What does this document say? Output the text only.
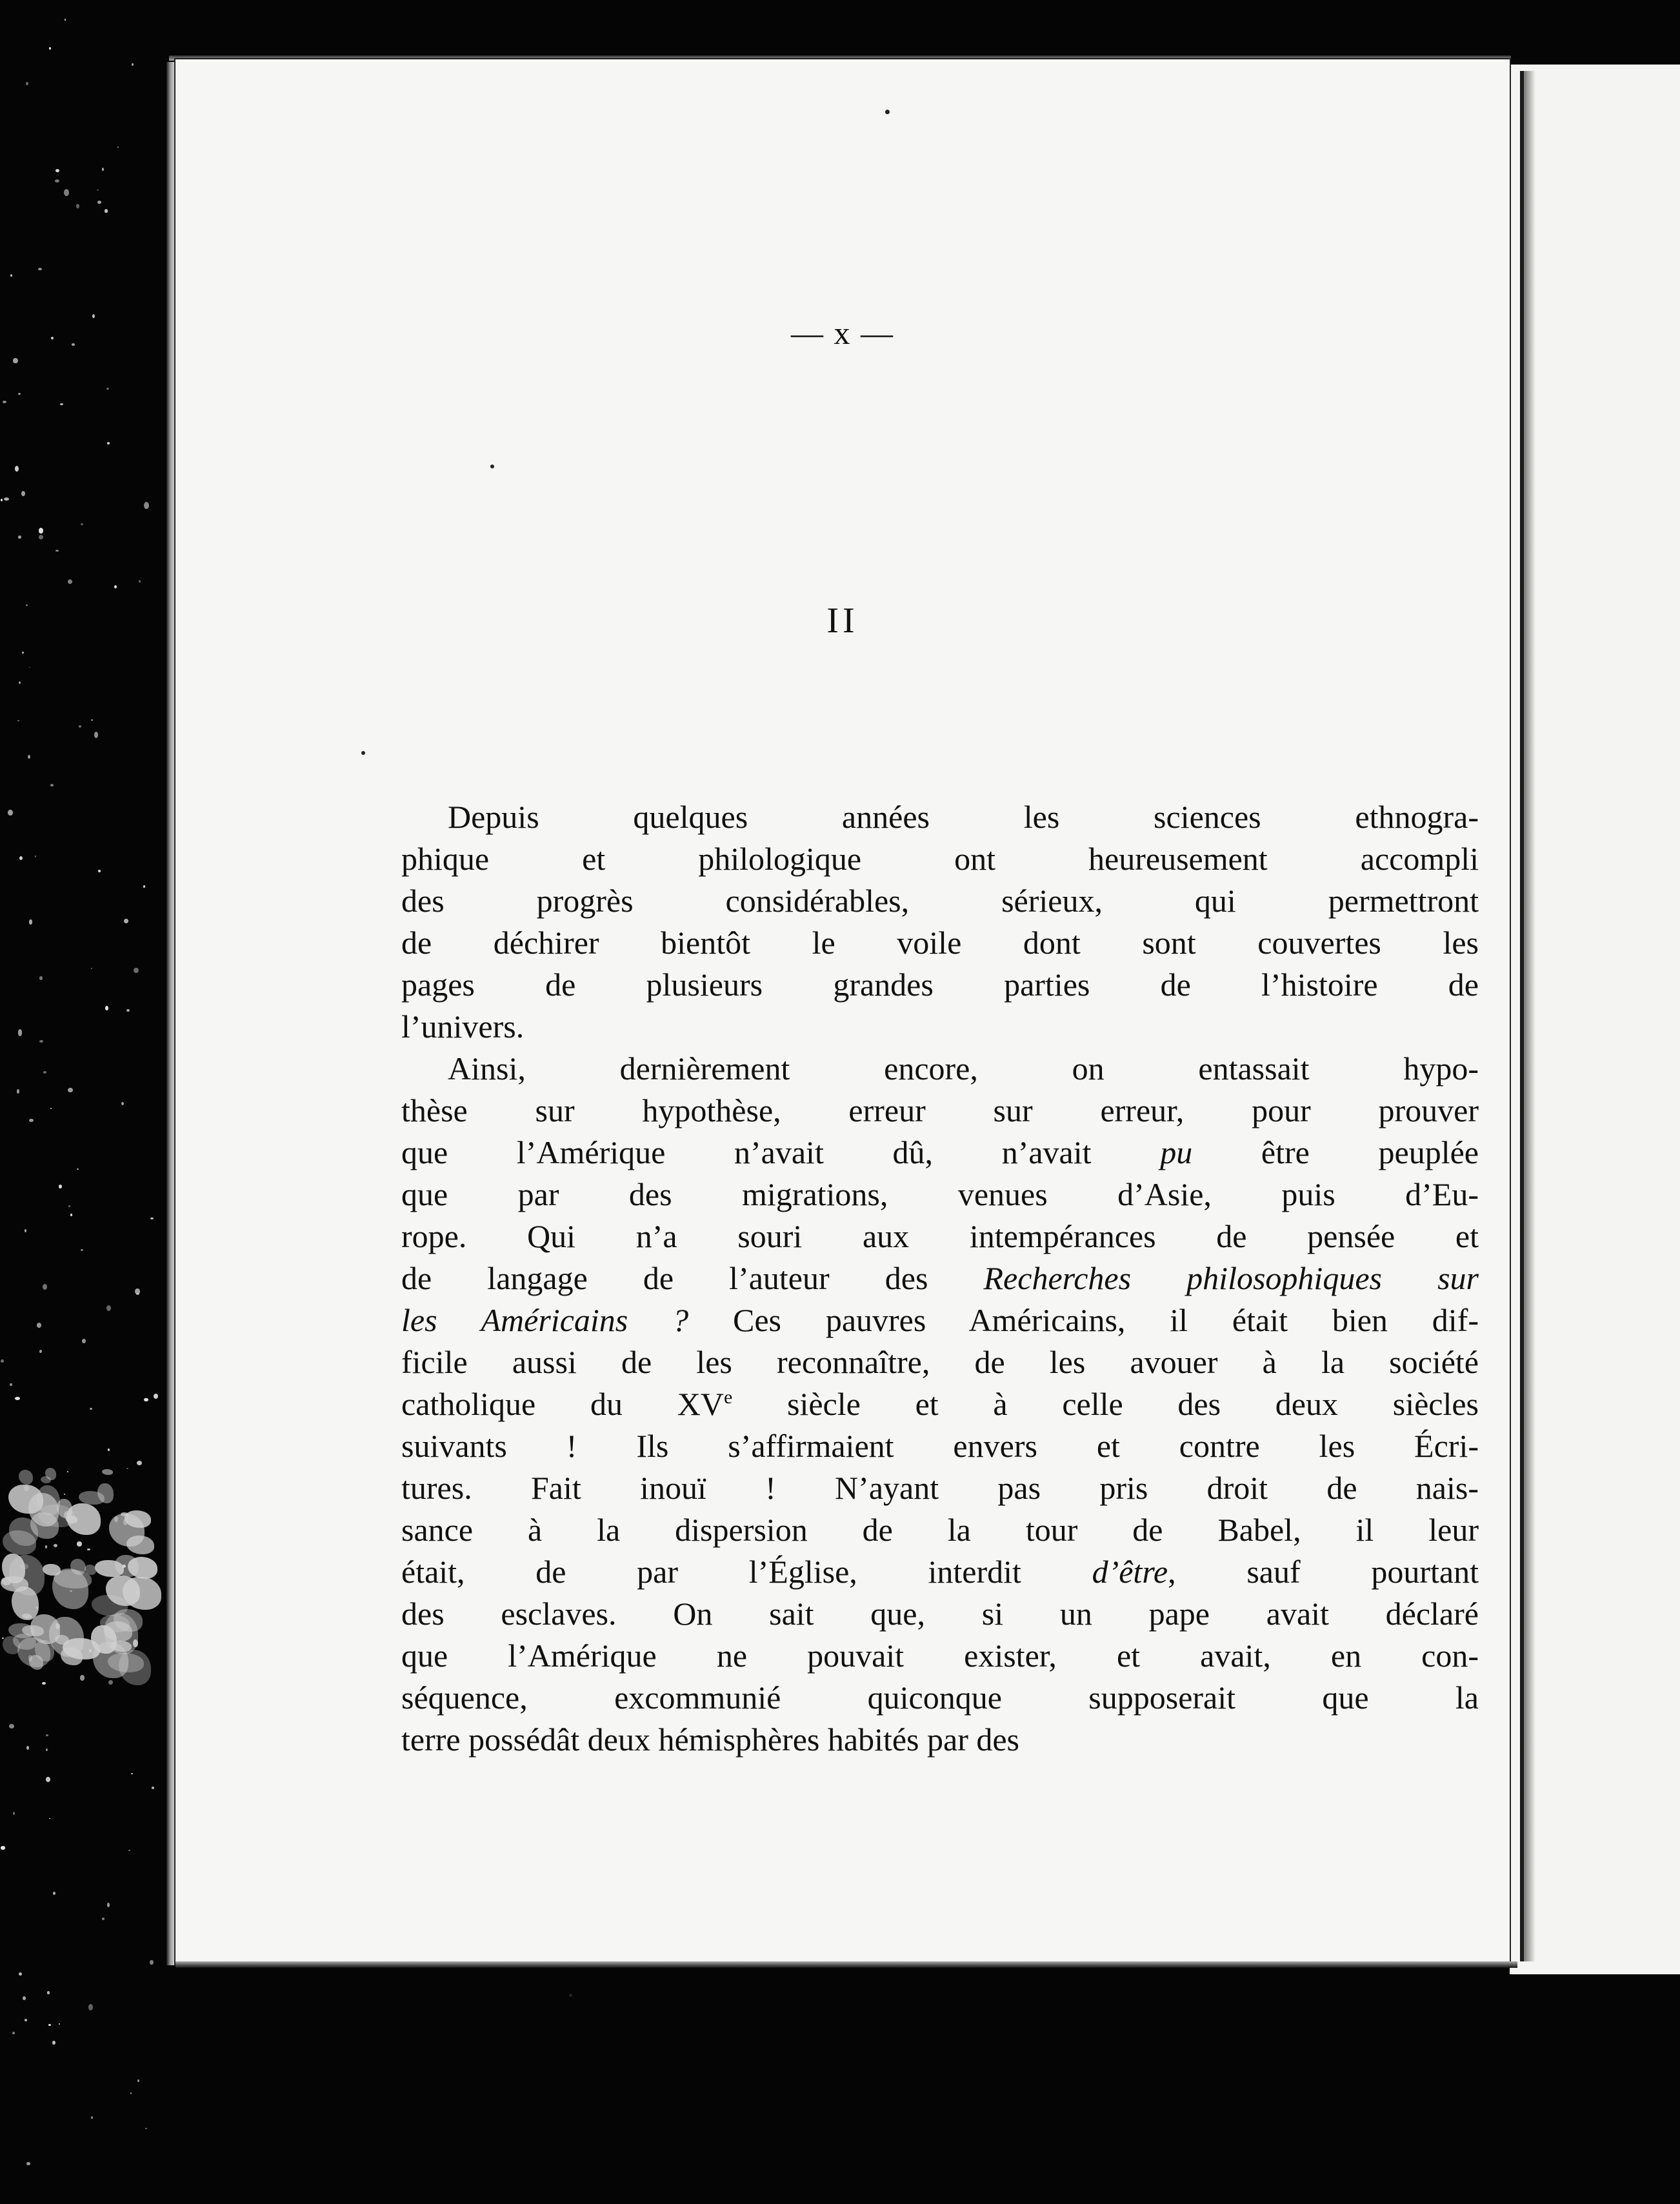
— x —
II
Depuis quelques années les sciences ethnogra-
phique et philologique ont heureusement accompli
des progrès considérables, sérieux, qui permettront
de déchirer bientôt le voile dont sont couvertes les
pages de plusieurs grandes parties de l’histoire de
l’univers.
Ainsi, dernièrement encore, on entassait hypo-
thèse sur hypothèse, erreur sur erreur, pour prouver
que l’Amérique n’avait dû, n’avait pu être peuplée
que par des migrations, venues d’Asie, puis d’Eu-
rope. Qui n’a souri aux intempérances de pensée et
de langage de l’auteur des Recherches philosophiques sur
les Américains ? Ces pauvres Américains, il était bien dif-
ficile aussi de les reconnaître, de les avouer à la société
catholique du XVe siècle et à celle des deux siècles
suivants ! Ils s’affirmaient envers et contre les Écri-
tures. Fait inouï ! N’ayant pas pris droit de nais-
sance à la dispersion de la tour de Babel, il leur
était, de par l’Église, interdit d’être, sauf pourtant
des esclaves. On sait que, si un pape avait déclaré
que l’Amérique ne pouvait exister, et avait, en con-
séquence, excommunié quiconque supposerait que la
terre possédât deux hémisphères habités par des
